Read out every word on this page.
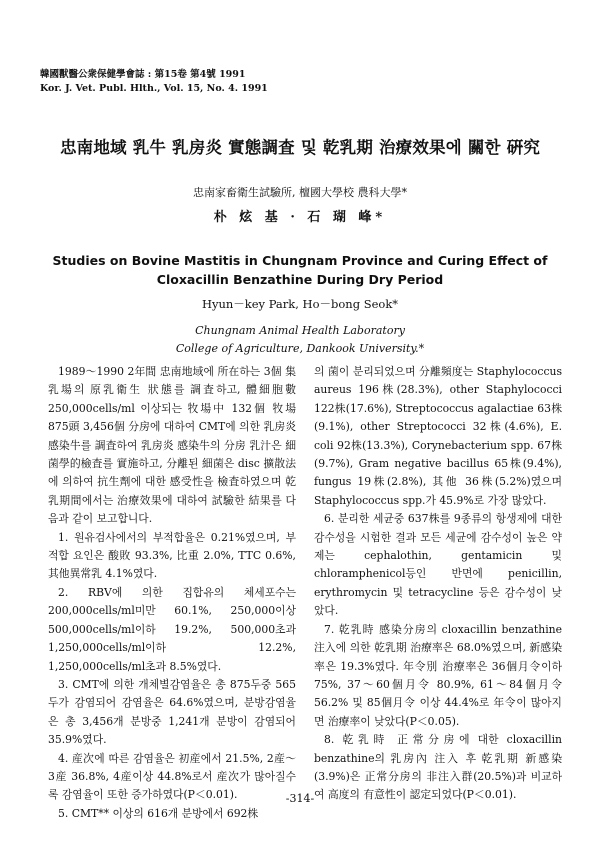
韓國獸醫公衆保健學會誌 : 第15卷 第4號 1991
Kor. J. Vet. Publ. Hlth., Vol. 15, No. 4. 1991
忠南地域 乳牛 乳房炎 實態調査 및 乾乳期 治療效果에 關한 硏究
忠南家畜衛生試驗所, 檀國大學校 農科大學*
朴 炫 基 · 石 瑚 峰*
Studies on Bovine Mastitis in Chungnam Province and Curing Effect of Cloxacillin Benzathine During Dry Period
Hyun－key Park, Ho－bong Seok*
Chungnam Animal Health Laboratory
College of Agriculture, Dankook University.*

1989～1990 2年間 忠南地域에 所在하는 3個 集乳場의 原乳衛生 狀態를 調査하고, 體細胞數 250,000cells/ml 이상되는 牧場中 132個 牧場 875頭 3,456個 分房에 대하여 CMT에 의한 乳房炎 感染牛를 調査하여 乳房炎 感染牛의 分房 乳汁은 細菌學的檢査를 實施하고, 分離된 細菌은 disc 擴散法에 의하여 抗生劑에 대한 感受性을 檢査하였으며 乾乳期間에서는 治療效果에 대하여 試驗한 結果를 다음과 같이 보고합니다.

1. 원유검사에서의 부적합율은 0.21%였으며, 부적합 요인은 酸敗 93.3%, 比重 2.0%, TTC 0.6%, 其他異常乳 4.1%였다.

2. RBV에 의한 집합유의 체세포수는 200,000cells/ml미만 60.1%, 250,000이상 500,000cells/ml이하 19.2%, 500,000초과 1,250,000cells/ml이하 12.2%, 1,250,000cells/ml초과 8.5%였다.

3. CMT에 의한 개체별감염율은 총 875두중 565두가 감염되어 감염율은 64.6%였으며, 분방감염율은 총 3,456개 분방중 1,241개 분방이 감염되어 35.9%였다.

4. 産次에 따른 감염율은 初産에서 21.5%, 2産～3産 36.8%, 4産이상 44.8%로서 産次가 많아질수록 감염율이 또한 증가하였다(P＜0.01).

5. CMT** 이상의 616개 분방에서 692株

의 菌이 분리되었으며 分離頻度는 Staphylococcus aureus 196株(28.3%), other Staphylococci 122株(17.6%), Streptococcus agalactiae 63株(9.1%), other Streptococci 32株(4.6%), E. coli 92株(13.3%), Corynebacterium spp. 67株(9.7%), Gram negative bacillus 65株(9.4%), fungus 19株(2.8%), 其他 36株(5.2%)였으며 Staphylococcus spp.가 45.9%로 가장 많았다.

6. 분리한 세균중 637株를 9종류의 항생제에 대한 감수성을 시험한 결과 모든 세균에 감수성이 높은 약제는 cephalothin, gentamicin 및 chloramphenicol등인 반면에 penicillin, erythromycin 및 tetracycline 등은 감수성이 낮았다.

7. 乾乳時 感染分房의 cloxacillin benzathine 注入에 의한 乾乳期 治療率은 68.0%였으며, 新感染率은 19.3%였다. 年令別 治療率은 36個月令이하 75%, 37～60個月令 80.9%, 61～84個月令 56.2% 및 85個月令 이상 44.4%로 年令이 많아지면 治療率이 낮았다(P＜0.05).

8. 乾乳時 正常分房에 대한 cloxacillin benzathine의 乳房內 注入 후 乾乳期 新感染(3.9%)은 正常分房의 非注入群(20.5%)과 비교하여 高度의 有意性이 認定되었다(P＜0.01).

-314-
